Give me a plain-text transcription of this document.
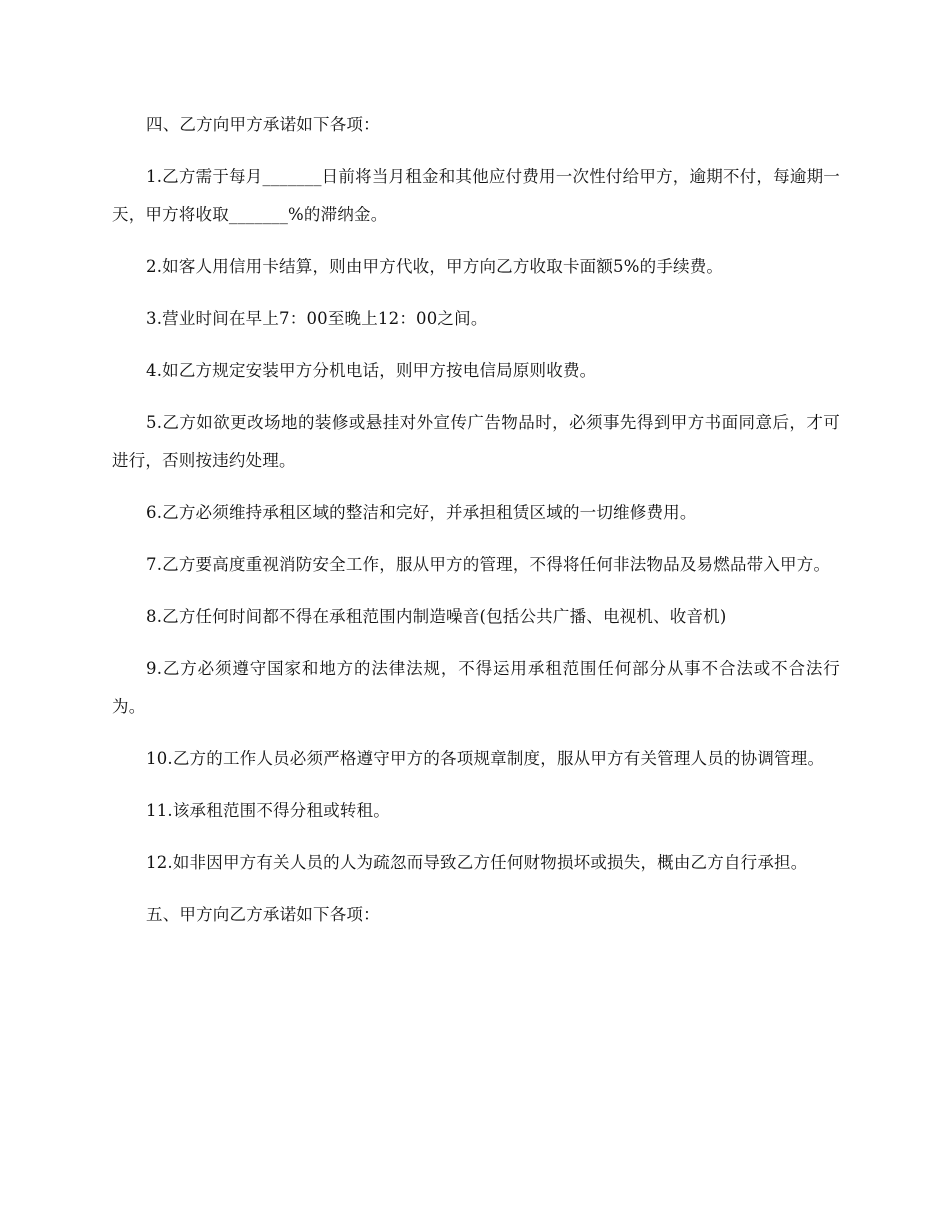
四、乙方向甲方承诺如下各项：

1.乙方需于每月_______日前将当月租金和其他应付费用一次性付给甲方，逾期不付，每逾期一天，甲方将收取_______%的滞纳金。

2.如客人用信用卡结算，则由甲方代收，甲方向乙方收取卡面额5%的手续费。

3.营业时间在早上7：00至晚上12：00之间。

4.如乙方规定安装甲方分机电话，则甲方按电信局原则收费。

5.乙方如欲更改场地的装修或悬挂对外宣传广告物品时，必须事先得到甲方书面同意后，才可进行，否则按违约处理。

6.乙方必须维持承租区域的整洁和完好，并承担租赁区域的一切维修费用。

7.乙方要高度重视消防安全工作，服从甲方的管理，不得将任何非法物品及易燃品带入甲方。

8.乙方任何时间都不得在承租范围内制造噪音(包括公共广播、电视机、收音机)

9.乙方必须遵守国家和地方的法律法规，不得运用承租范围任何部分从事不合法或不合法行为。

10.乙方的工作人员必须严格遵守甲方的各项规章制度，服从甲方有关管理人员的协调管理。

11.该承租范围不得分租或转租。

12.如非因甲方有关人员的人为疏忽而导致乙方任何财物损坏或损失，概由乙方自行承担。

五、甲方向乙方承诺如下各项：
